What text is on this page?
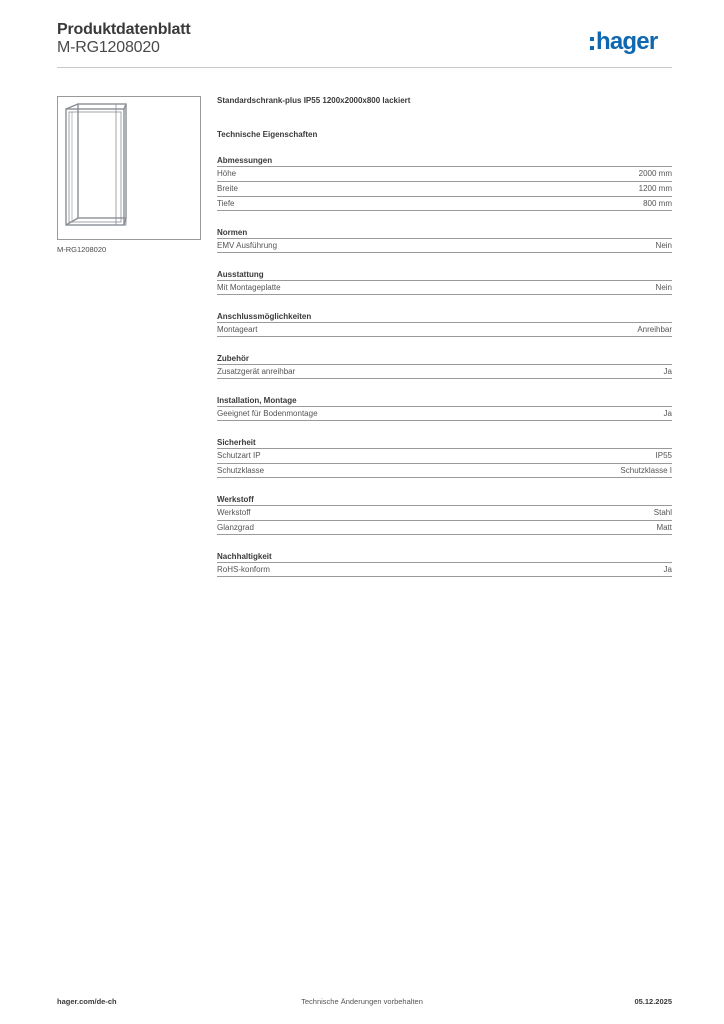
Produktdatenblatt
M-RG1208020	hager
M-RG1208020
Standardschrank-plus IP55 1200x2000x800 lackiert
Technische Eigenschaften
Abmessungen
Höhe	2000 mm
Breite	1200 mm
Tiefe	800 mm
Normen
EMV Ausführung	Nein
Ausstattung
Mit Montageplatte	Nein
Anschlussmöglichkeiten
Montageart	Anreihbar
Zubehör
Zusatzgerät anreihbar	Ja
Installation, Montage
Geeignet für Bodenmontage	Ja
Sicherheit
Schutzart IP	IP55
Schutzklasse	Schutzklasse I
Werkstoff
Werkstoff	Stahl
Glanzgrad	Matt
Nachhaltigkeit
RoHS-konform	Ja
hager.com/de-ch	Technische Änderungen vorbehalten	05.12.2025
